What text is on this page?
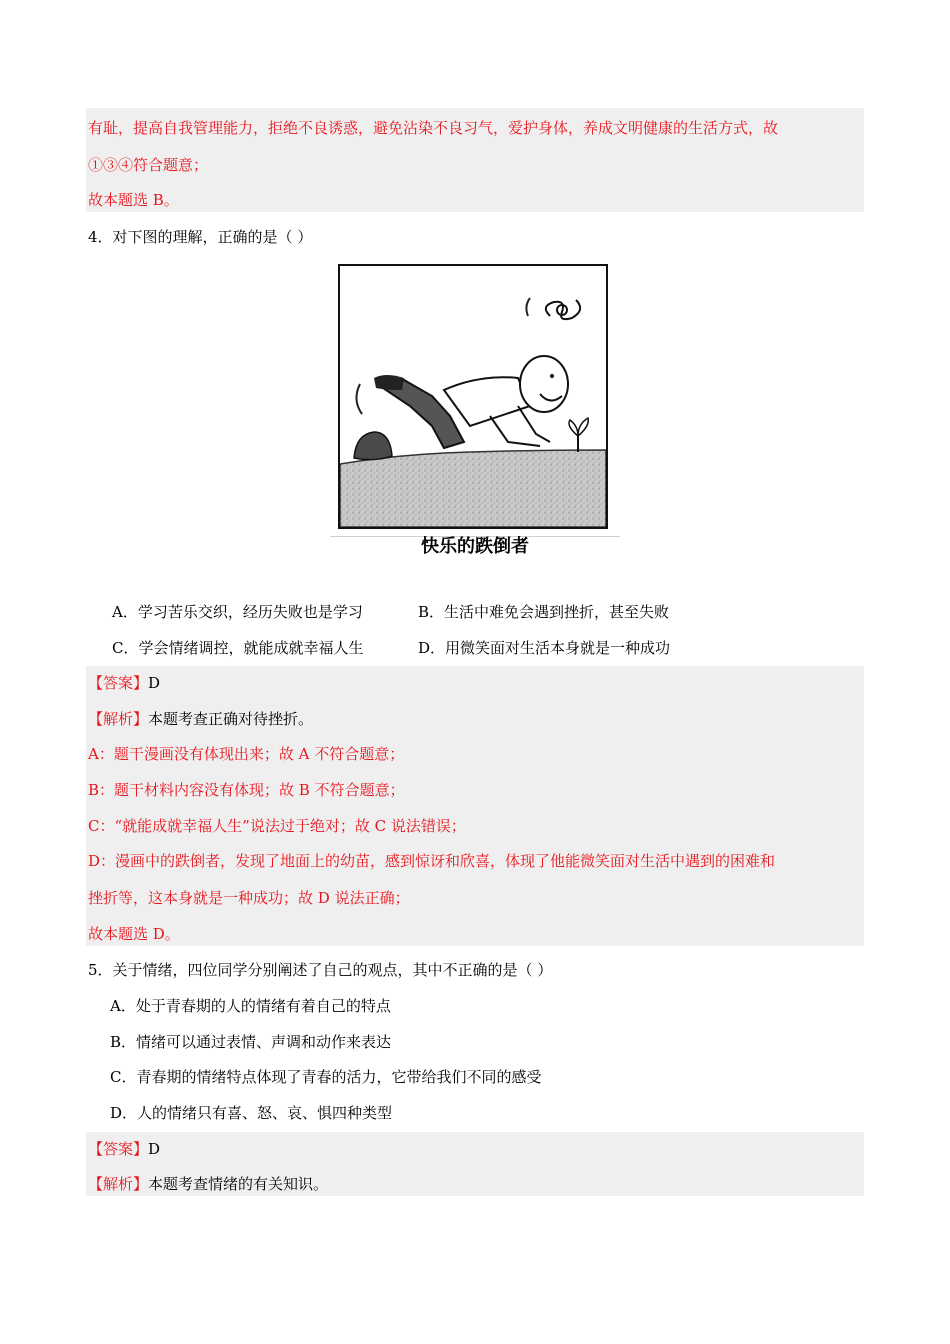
有耻，提高自我管理能力，拒绝不良诱惑，避免沾染不良习气，爱护身体，养成文明健康的生活方式，故
①③④符合题意；
故本题选 B。
4．对下图的理解，正确的是（ ）
快乐的跌倒者
A．学习苦乐交织，经历失败也是学习	B．生活中难免会遇到挫折，甚至失败
C．学会情绪调控，就能成就幸福人生	D．用微笑面对生活本身就是一种成功
【答案】D
【解析】本题考查正确对待挫折。
A：题干漫画没有体现出来；故 A 不符合题意；
B：题干材料内容没有体现；故 B 不符合题意；
C：“就能成就幸福人生”说法过于绝对；故 C 说法错误；
D：漫画中的跌倒者，发现了地面上的幼苗，感到惊讶和欣喜，体现了他能微笑面对生活中遇到的困难和
挫折等，这本身就是一种成功；故 D 说法正确；
故本题选 D。
5．关于情绪，四位同学分别阐述了自己的观点，其中不正确的是（ ）
A．处于青春期的人的情绪有着自己的特点
B．情绪可以通过表情、声调和动作来表达
C．青春期的情绪特点体现了青春的活力，它带给我们不同的感受
D．人的情绪只有喜、怒、哀、惧四种类型
【答案】D
【解析】本题考查情绪的有关知识。
